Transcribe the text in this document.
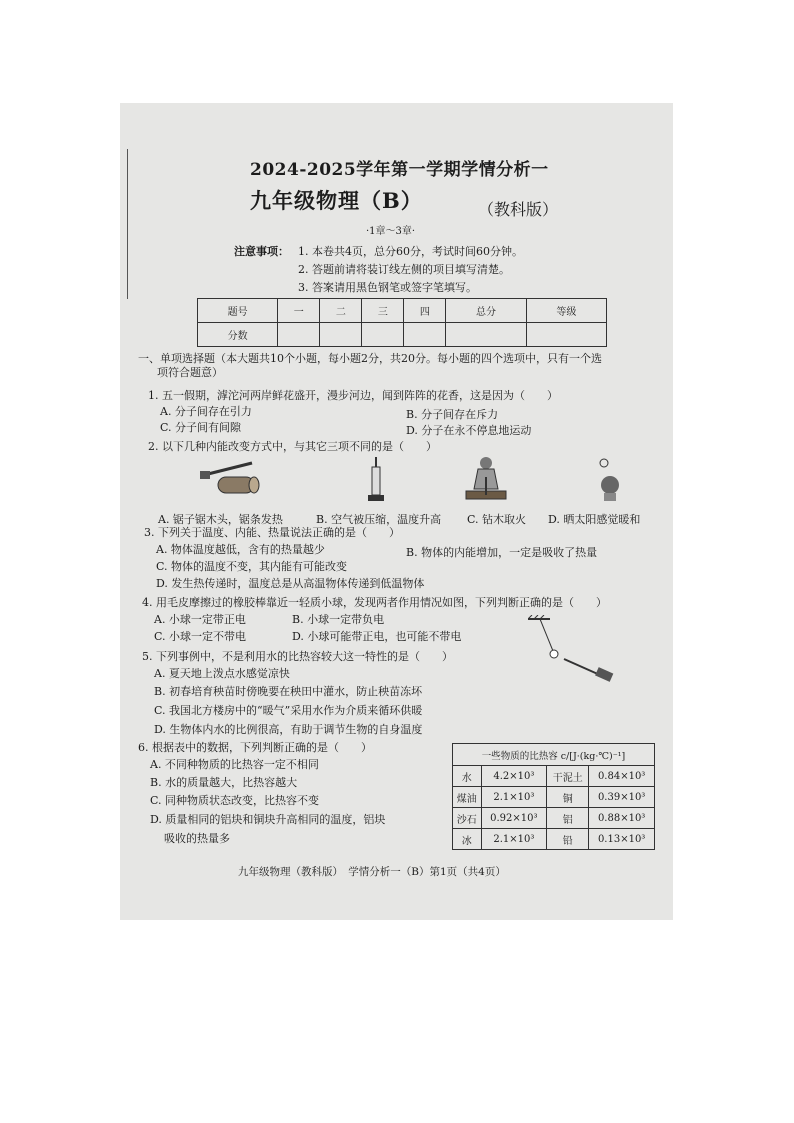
2024-2025学年第一学期学情分析一
九年级物理（B）	（教科版）
·1章～3章·
注意事项： 1. 本卷共4页，总分60分，考试时间60分钟。
2. 答题前请将装订线左侧的项目填写清楚。
3. 答案请用黑色钢笔或签字笔填写。
题号	一	二	三	四	总分	等级
分数						
一、单项选择题（本大题共10个小题，每小题2分，共20分。每小题的四个选项中，只有一个选
项符合题意）
1. 五一假期，滹沱河两岸鲜花盛开，漫步河边，闻到阵阵的花香，这是因为（　　）
A. 分子间存在引力	B. 分子间存在斥力
C. 分子间有间隙	D. 分子在永不停息地运动
2. 以下几种内能改变方式中，与其它三项不同的是（　　）
A. 锯子锯木头，锯条发热	B. 空气被压缩，温度升高 C. 钻木取火 D. 晒太阳感觉暖和
3. 下列关于温度、内能、热量说法正确的是（　　）
A. 物体温度越低，含有的热量越少	B. 物体的内能增加，一定是吸收了热量
C. 物体的温度不变，其内能有可能改变
D. 发生热传递时，温度总是从高温物体传递到低温物体
4. 用毛皮摩擦过的橡胶棒靠近一轻质小球，发现两者作用情况如图，下列判断正确的是（　　）
A. 小球一定带正电	B. 小球一定带负电
C. 小球一定不带电	D. 小球可能带正电，也可能不带电
5. 下列事例中，不是利用水的比热容较大这一特性的是（　　）
A. 夏天地上泼点水感觉凉快
B. 初春培育秧苗时傍晚要在秧田中灌水，防止秧苗冻坏
C. 我国北方楼房中的“暖气”采用水作为介质来循环供暖
D. 生物体内水的比例很高，有助于调节生物的自身温度
6. 根据表中的数据，下列判断正确的是（　　）
A. 不同种物质的比热容一定不相同
B. 水的质量越大，比热容越大
C. 同种物质状态改变，比热容不变
D. 质量相同的铝块和铜块升高相同的温度，铝块
吸收的热量多
一些物质的比热容 c/[J·(kg·℃)⁻¹]			
水	4.2×10³	干泥土	0.84×10³
煤油	2.1×10³	铜	0.39×10³
沙石	0.92×10³	铝	0.88×10³
冰	2.1×10³	铅	0.13×10³
九年级物理（教科版）　学情分析一（B）第1页（共4页）
